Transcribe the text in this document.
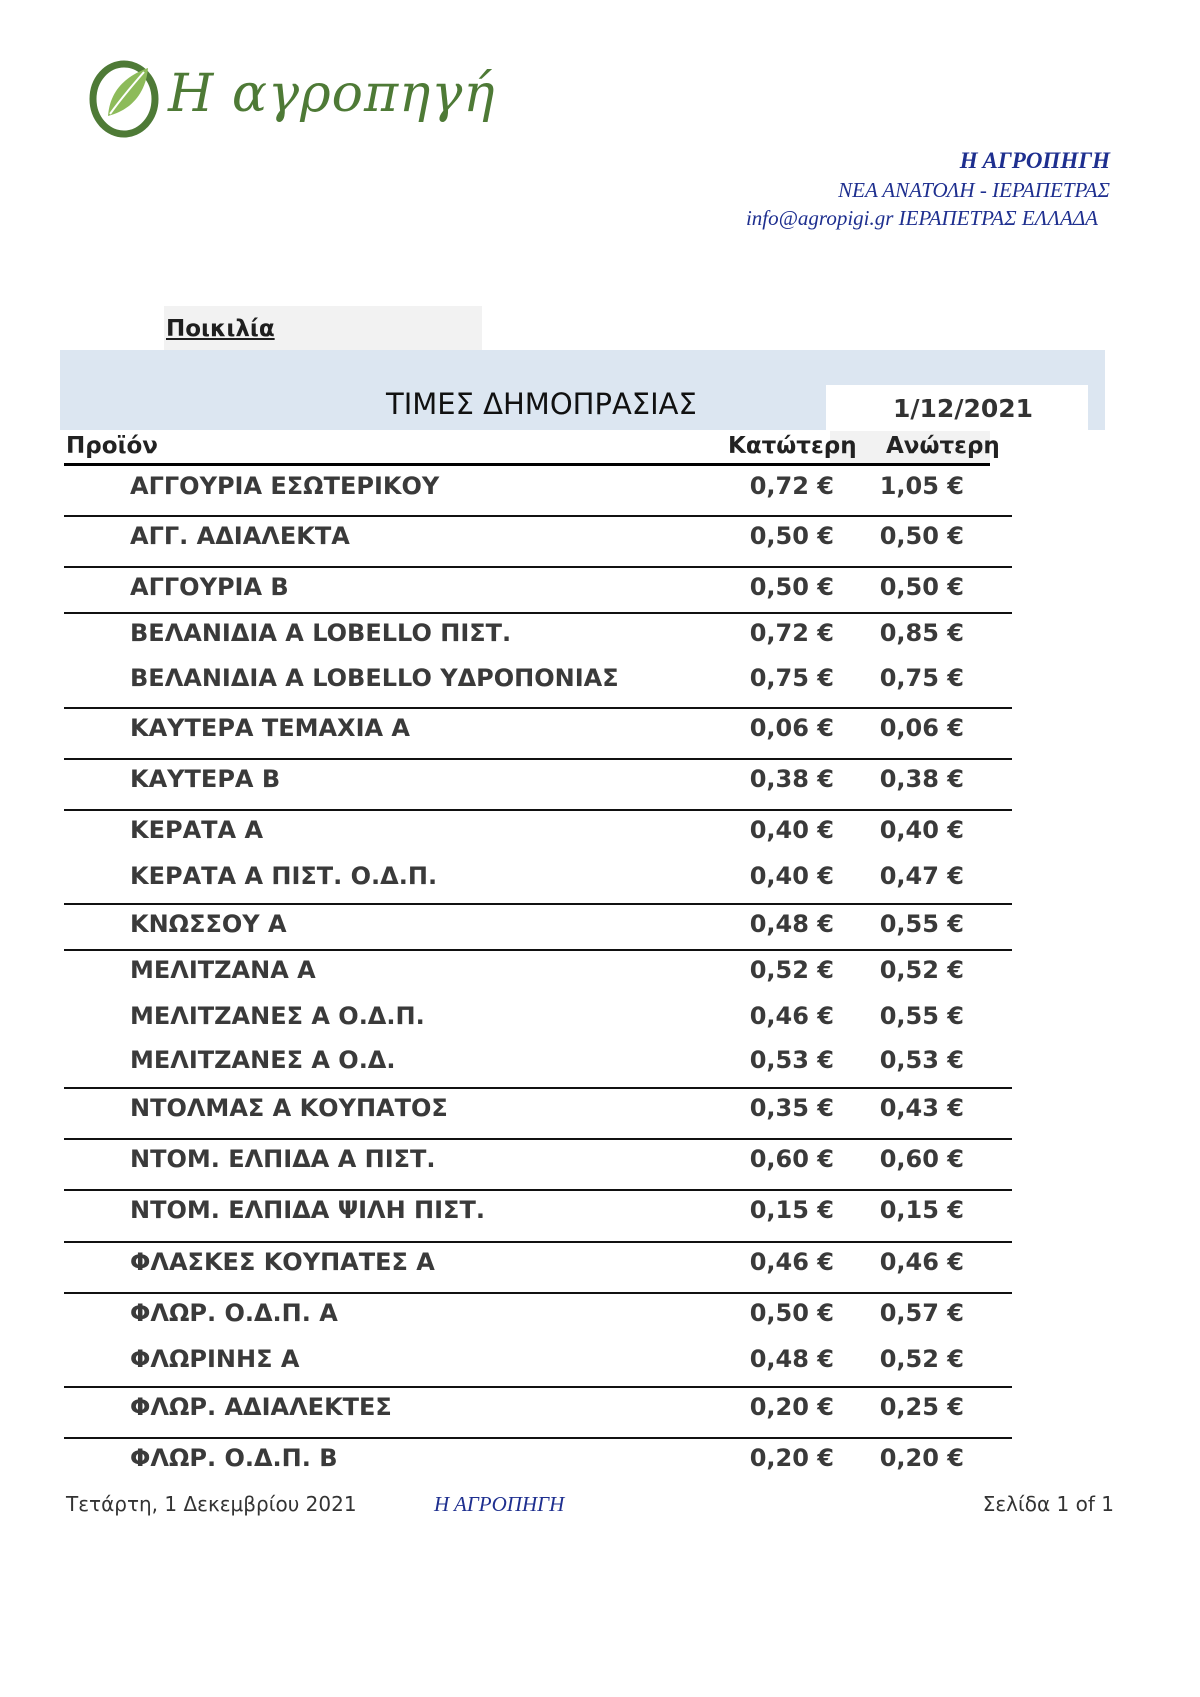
Η αγροπηγή
Η ΑΓΡΟΠΗΓΗ
ΝΕΑ ΑΝΑΤΟΛΗ - ΙΕΡΑΠΕΤΡΑΣ
info@agropigi.gr ΙΕΡΑΠΕΤΡΑΣ ΕΛΛΑΔΑ
Ποικιλία
ΤΙΜΕΣ ΔΗΜΟΠΡΑΣΙΑΣ	1/12/2021
Προϊόν	Κατώτερη Ανώτερη
ΑΓΓΟΥΡΙΑ ΕΣΩΤΕΡΙΚΟΥ	0,72 € 1,05 €
ΑΓΓ. ΑΔΙΑΛΕΚΤΑ	0,50 € 0,50 €
ΑΓΓΟΥΡΙΑ Β	0,50 € 0,50 €
ΒΕΛΑΝΙΔΙΑ Α LOBELLO ΠΙΣΤ.	0,72 € 0,85 €
ΒΕΛΑΝΙΔΙΑ Α LOBELLO ΥΔΡΟΠΟΝΙΑΣ	0,75 € 0,75 €
ΚΑΥΤΕΡΑ ΤΕΜΑΧΙΑ Α	0,06 € 0,06 €
ΚΑΥΤΕΡΑ Β	0,38 € 0,38 €
ΚΕΡΑΤΑ Α	0,40 € 0,40 €
ΚΕΡΑΤΑ Α ΠΙΣΤ. Ο.Δ.Π.	0,40 € 0,47 €
ΚΝΩΣΣΟΥ Α	0,48 € 0,55 €
ΜΕΛΙΤΖΑΝΑ Α	0,52 € 0,52 €
ΜΕΛΙΤΖΑΝΕΣ Α Ο.Δ.Π.	0,46 € 0,55 €
ΜΕΛΙΤΖΑΝΕΣ Α Ο.Δ.	0,53 € 0,53 €
ΝΤΟΛΜΑΣ Α ΚΟΥΠΑΤΟΣ	0,35 € 0,43 €
ΝΤΟΜ. ΕΛΠΙΔΑ Α ΠΙΣΤ.	0,60 € 0,60 €
ΝΤΟΜ. ΕΛΠΙΔΑ ΨΙΛΗ ΠΙΣΤ.	0,15 € 0,15 €
ΦΛΑΣΚΕΣ ΚΟΥΠΑΤΕΣ Α	0,46 € 0,46 €
ΦΛΩΡ. Ο.Δ.Π. Α	0,50 € 0,57 €
ΦΛΩΡΙΝΗΣ Α	0,48 € 0,52 €
ΦΛΩΡ. ΑΔΙΑΛΕΚΤΕΣ	0,20 € 0,25 €
ΦΛΩΡ. Ο.Δ.Π. Β	0,20 € 0,20 €
Τετάρτη, 1 Δεκεμβρίου 2021	Η ΑΓΡΟΠΗΓΗ	Σελίδα 1 of 1
